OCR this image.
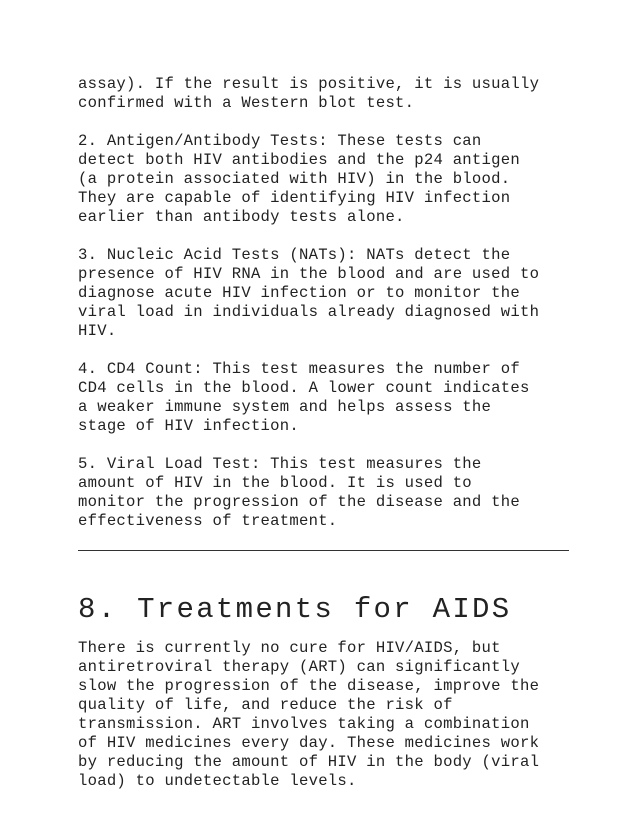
assay). If the result is positive, it is usually
confirmed with a Western blot test.

2. Antigen/Antibody Tests: These tests can
detect both HIV antibodies and the p24 antigen
(a protein associated with HIV) in the blood.
They are capable of identifying HIV infection
earlier than antibody tests alone.

3. Nucleic Acid Tests (NATs): NATs detect the
presence of HIV RNA in the blood and are used to
diagnose acute HIV infection or to monitor the
viral load in individuals already diagnosed with
HIV.

4. CD4 Count: This test measures the number of
CD4 cells in the blood. A lower count indicates
a weaker immune system and helps assess the
stage of HIV infection.

5. Viral Load Test: This test measures the
amount of HIV in the blood. It is used to
monitor the progression of the disease and the
effectiveness of treatment.

8. Treatments for AIDS

There is currently no cure for HIV/AIDS, but
antiretroviral therapy (ART) can significantly
slow the progression of the disease, improve the
quality of life, and reduce the risk of
transmission. ART involves taking a combination
of HIV medicines every day. These medicines work
by reducing the amount of HIV in the body (viral
load) to undetectable levels.
